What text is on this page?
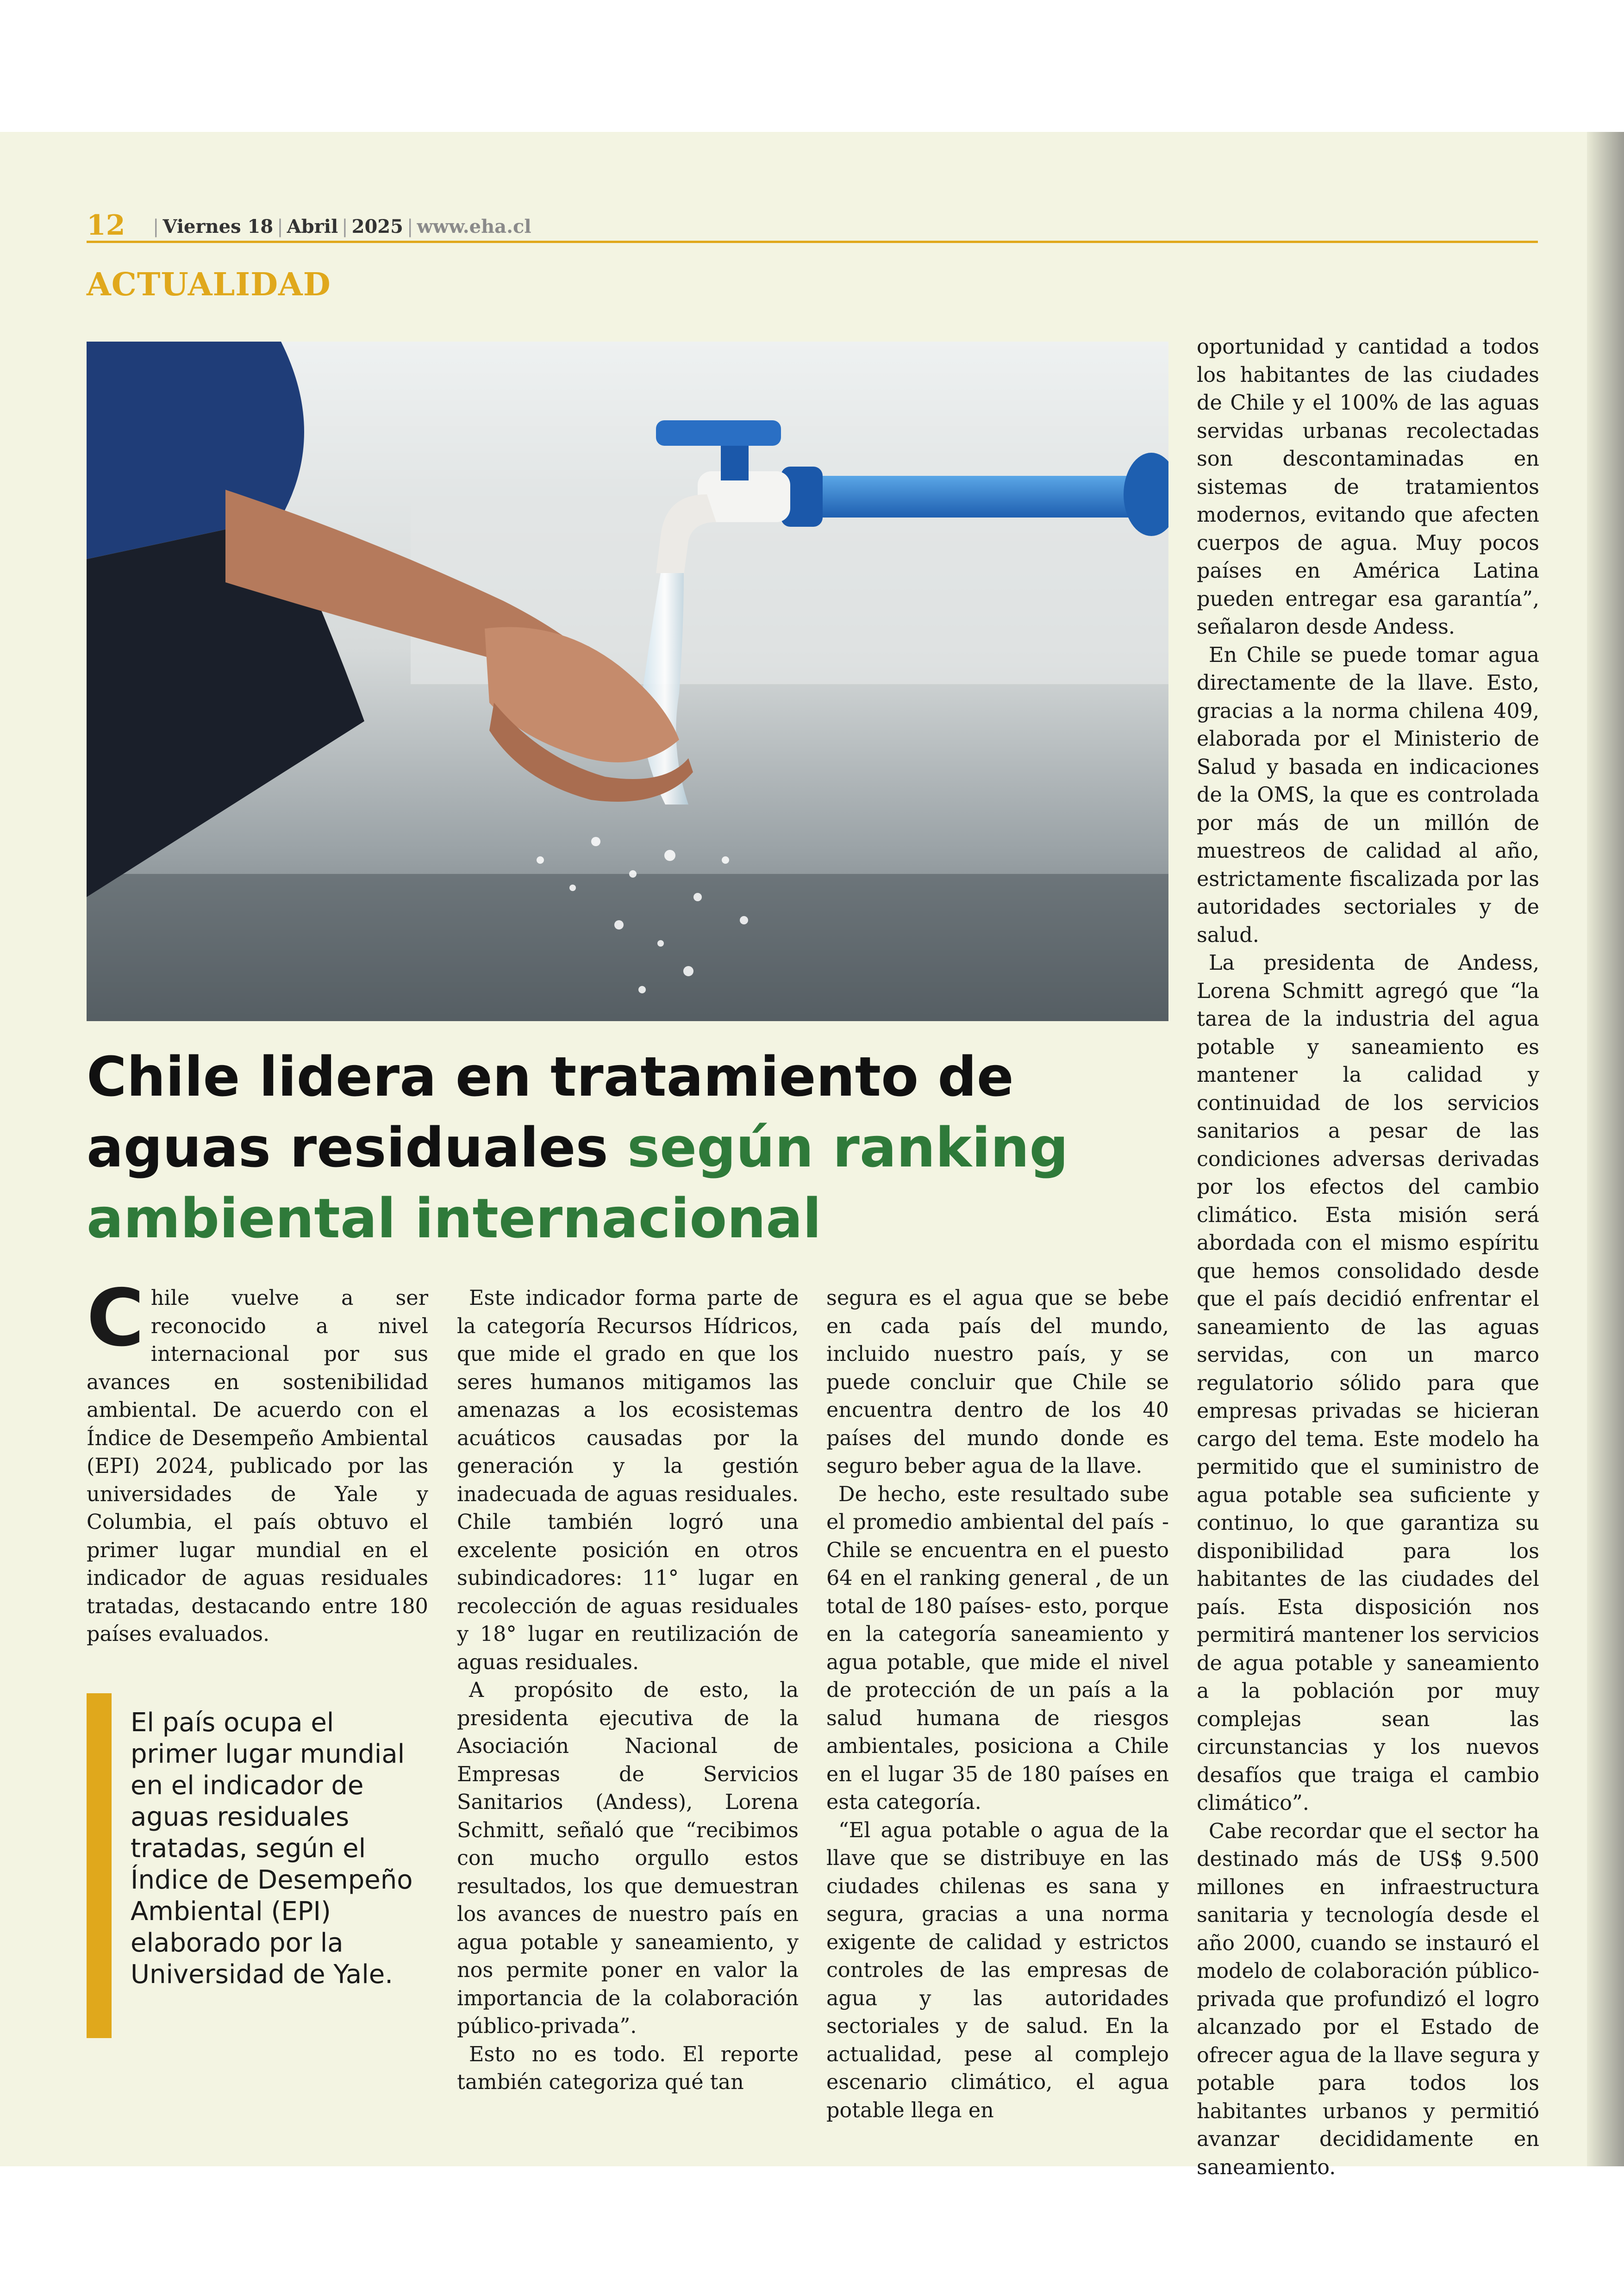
12 | Viernes 18 | Abril | 2025 | www.eha.cl
ACTUALIDAD
Chile lidera en tratamiento de aguas residuales según ranking ambiental internacional

Chile vuelve a ser reconocido a nivel internacional por sus avances en sostenibilidad ambiental. De acuerdo con el Índice de Desempeño Ambiental (EPI) 2024, publicado por las universidades de Yale y Columbia, el país obtuvo el primer lugar mundial en el indicador de aguas residuales tratadas, destacando entre 180 países evaluados.

El país ocupa el primer lugar mundial en el indicador de aguas residuales tratadas, según el Índice de Desempeño Ambiental (EPI) elaborado por la Universidad de Yale.

Este indicador forma parte de la categoría Recursos Hídricos, que mide el grado en que los seres humanos mitigamos las amenazas a los ecosistemas acuáticos causadas por la generación y la gestión inadecuada de aguas residuales. Chile también logró una excelente posición en otros subindicadores: 11° lugar en recolección de aguas residuales y 18° lugar en reutilización de aguas residuales.

A propósito de esto, la presidenta ejecutiva de la Asociación Nacional de Empresas de Servicios Sanitarios (Andess), Lorena Schmitt, señaló que “recibimos con mucho orgullo estos resultados, los que demuestran los avances de nuestro país en agua potable y saneamiento, y nos permite poner en valor la importancia de la colaboración público-privada”.

Esto no es todo. El reporte también categoriza qué tan

segura es el agua que se bebe en cada país del mundo, incluido nuestro país, y se puede concluir que Chile se encuentra dentro de los 40 países del mundo donde es seguro beber agua de la llave.

De hecho, este resultado sube el promedio ambiental del país -Chile se encuentra en el puesto 64 en el ranking general , de un total de 180 países- esto, porque en la categoría saneamiento y agua potable, que mide el nivel de protección de un país a la salud humana de riesgos ambientales, posiciona a Chile en el lugar 35 de 180 países en esta categoría.

“El agua potable o agua de la llave que se distribuye en las ciudades chilenas es sana y segura, gracias a una norma exigente de calidad y estrictos controles de las empresas de agua y las autoridades sectoriales y de salud. En la actualidad, pese al complejo escenario climático, el agua potable llega en

oportunidad y cantidad a todos los habitantes de las ciudades de Chile y el 100% de las aguas servidas urbanas recolectadas son descontaminadas en sistemas de tratamientos modernos, evitando que afecten cuerpos de agua. Muy pocos países en América Latina pueden entregar esa garantía”, señalaron desde Andess.

En Chile se puede tomar agua directamente de la llave. Esto, gracias a la norma chilena 409, elaborada por el Ministerio de Salud y basada en indicaciones de la OMS, la que es controlada por más de un millón de muestreos de calidad al año, estrictamente fiscalizada por las autoridades sectoriales y de salud.

La presidenta de Andess, Lorena Schmitt agregó que “la tarea de la industria del agua potable y saneamiento es mantener la calidad y continuidad de los servicios sanitarios a pesar de las condiciones adversas derivadas por los efectos del cambio climático. Esta misión será abordada con el mismo espíritu que hemos consolidado desde que el país decidió enfrentar el saneamiento de las aguas servidas, con un marco regulatorio sólido para que empresas privadas se hicieran cargo del tema. Este modelo ha permitido que el suministro de agua potable sea suficiente y continuo, lo que garantiza su disponibilidad para los habitantes de las ciudades del país. Esta disposición nos permitirá mantener los servicios de agua potable y saneamiento a la población por muy complejas sean las circunstancias y los nuevos desafíos que traiga el cambio climático”.

Cabe recordar que el sector ha destinado más de US$ 9.500 millones en infraestructura sanitaria y tecnología desde el año 2000, cuando se instauró el modelo de colaboración público-privada que profundizó el logro alcanzado por el Estado de ofrecer agua de la llave segura y potable para todos los habitantes urbanos y permitió avanzar decididamente en saneamiento.
